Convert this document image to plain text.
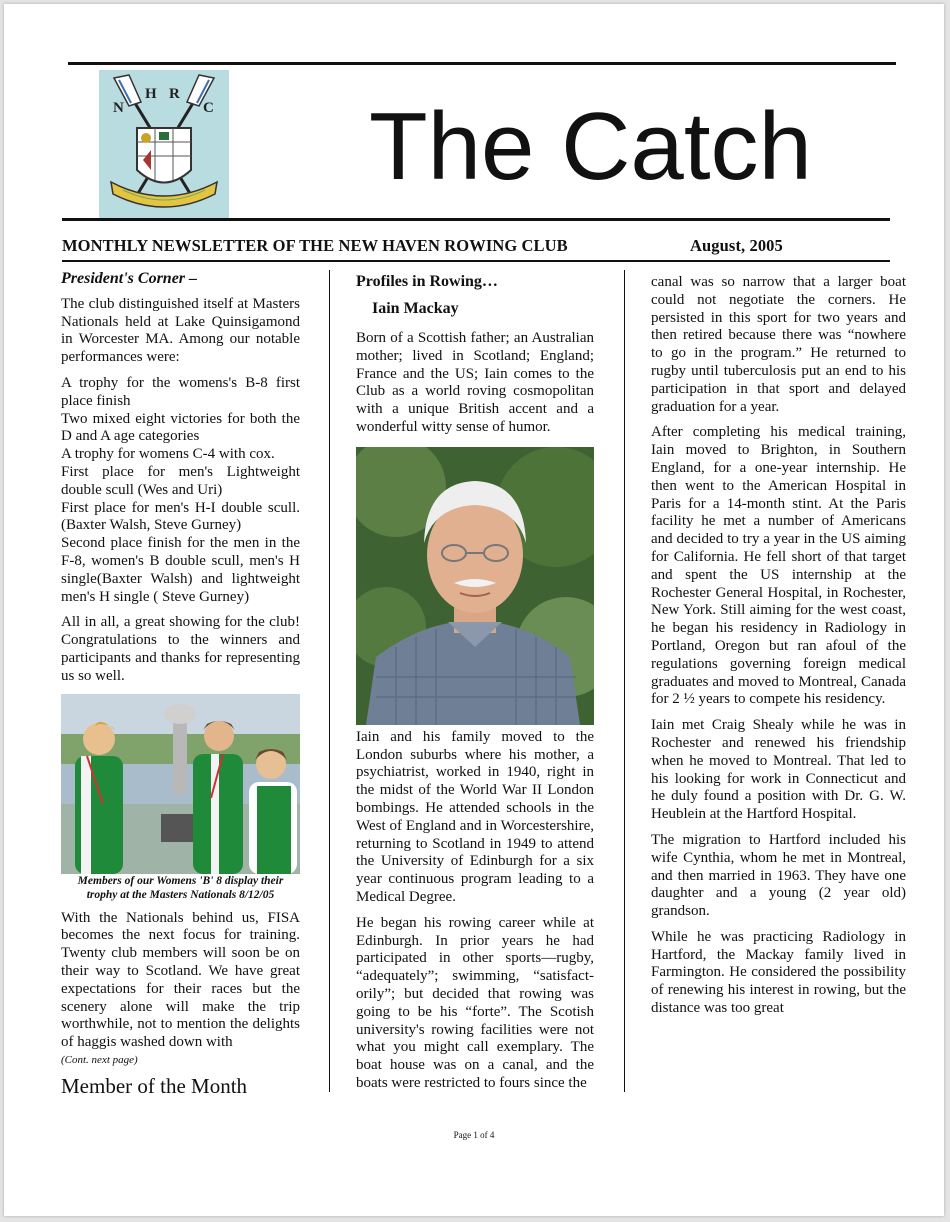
N
H R
C The Catch
MONTHLY NEWSLETTER OF THE NEW HAVEN ROWING CLUB	August, 2005

President's Corner –

The club distinguished itself at Masters Nationals held at Lake Quinsigamond in Worcester MA. Among our notable performances were:

A trophy for the womens's B-8 first place finish

Two mixed eight victories for both the D and A age categories

A trophy for womens C-4 with cox.

First place for men's Lightweight double scull (Wes and Uri)

First place for men's H-I double scull. (Baxter Walsh, Steve Gurney)

Second place finish for the men in the F-8, women's B double scull, men's H single(Baxter Walsh) and lightweight men's H single ( Steve Gurney)

All in all, a great showing for the club! Congratulations to the winners and participants and thanks for representing us so well.

Members of our Womens 'B' 8 display their trophy at the Masters Nationals 8/12/05

With the Nationals behind us, FISA becomes the next focus for training. Twenty club members will soon be on their way to Scotland. We have great expectations for their races but the scenery alone will make the trip worthwhile, not to mention the delights of haggis washed down with

(Cont. next page)

Member of the Month

Profiles in Rowing…

Iain Mackay

Born of a Scottish father; an Australian mother; lived in Scotland; England; France and the US; Iain comes to the Club as a world roving cosmopolitan with a unique British accent and a wonderful witty sense of humor.

Iain and his family moved to the London suburbs where his mother, a psychiatrist, worked in 1940, right in the midst of the World War II London bombings. He attended schools in the West of England and in Worcestershire, returning to Scotland in 1949 to attend the University of Edinburgh for a six year continuous program leading to a Medical Degree.

He began his rowing career while at Edinburgh. In prior years he had participated in other sports—rugby, “adequately”; swimming, “satisfact-orily”; but decided that rowing was going to be his “forte”. The Scotish university's rowing facilities were not what you might call exemplary. The boat house was on a canal, and the boats were restricted to fours since the

canal was so narrow that a larger boat could not negotiate the corners. He persisted in this sport for two years and then retired because there was “nowhere to go in the program.” He returned to rugby until tuberculosis put an end to his participation in that sport and delayed graduation for a year.

After completing his medical training, Iain moved to Brighton, in Southern England, for a one-year internship. He then went to the American Hospital in Paris for a 14-month stint. At the Paris facility he met a number of Americans and decided to try a year in the US aiming for California. He fell short of that target and spent the US internship at the Rochester General Hospital, in Rochester, New York. Still aiming for the west coast, he began his residency in Radiology in Portland, Oregon but ran afoul of the regulations governing foreign medical graduates and moved to Montreal, Canada for 2 ½ years to compete his residency.

Iain met Craig Shealy while he was in Rochester and renewed his friendship when he moved to Montreal. That led to his looking for work in Connecticut and he duly found a position with Dr. G. W. Heublein at the Hartford Hospital.

The migration to Hartford included his wife Cynthia, whom he met in Montreal, and then married in 1963. They have one daughter and a young (2 year old) grandson.

While he was practicing Radiology in Hartford, the Mackay family lived in Farmington. He considered the possibility of renewing his interest in rowing, but the distance was too great

Page 1 of 4
